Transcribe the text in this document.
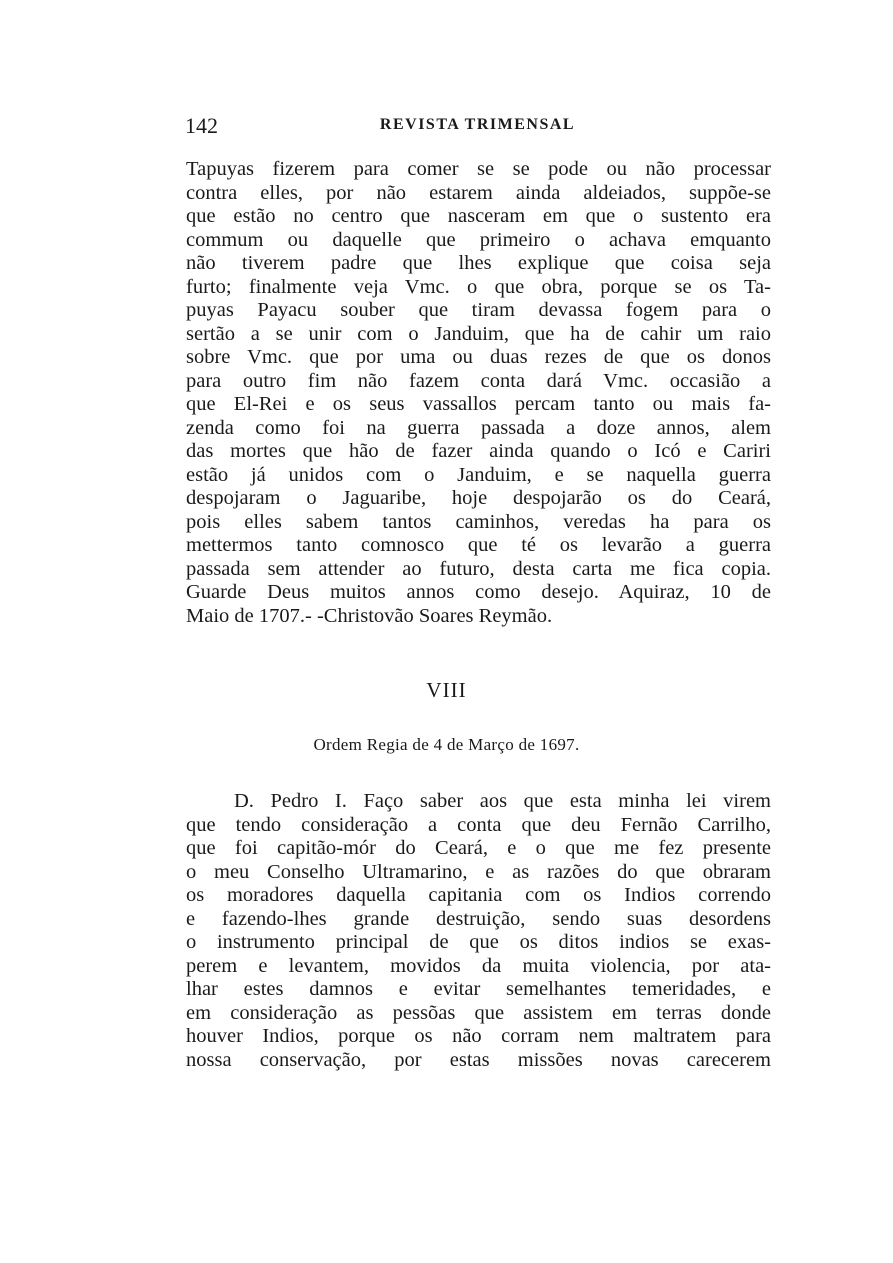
142	REVISTA TRIMENSAL
Tapuyas fizerem para comer se se pode ou não processar
contra elles, por não estarem ainda aldeiados, suppõe-se
que estão no centro que nasceram em que o sustento era
commum ou daquelle que primeiro o achava emquanto
não tiverem padre que lhes explique que coisa seja
furto; finalmente veja Vmc. o que obra, porque se os Ta-
puyas Payacu souber que tiram devassa fogem para o
sertão a se unir com o Janduim, que ha de cahir um raio
sobre Vmc. que por uma ou duas rezes de que os donos
para outro fim não fazem conta dará Vmc. occasião a
que El-Rei e os seus vassallos percam tanto ou mais fa-
zenda como foi na guerra passada a doze annos, alem
das mortes que hão de fazer ainda quando o Icó e Cariri
estão já unidos com o Janduim, e se naquella guerra
despojaram o Jaguaribe, hoje despojarão os do Ceará,
pois elles sabem tantos caminhos, veredas ha para os
mettermos tanto comnosco que té os levarão a guerra
passada sem attender ao futuro, desta carta me fica copia.
Guarde Deus muitos annos como desejo. Aquiraz, 10 de
Maio de 1707.- -Christovão Soares Reymão.
VIII
Ordem Regia de 4 de Março de 1697.
D. Pedro I. Faço saber aos que esta minha lei virem
que tendo consideração a conta que deu Fernão Carrilho,
que foi capitão-mór do Ceará, e o que me fez presente
o meu Conselho Ultramarino, e as razões do que obraram
os moradores daquella capitania com os Indios correndo
e fazendo-lhes grande destruição, sendo suas desordens
o instrumento principal de que os ditos indios se exas-
perem e levantem, movidos da muita violencia, por ata-
lhar estes damnos e evitar semelhantes temeridades, e
em consideração as pessõas que assistem em terras donde
houver Indios, porque os não corram nem maltratem para
nossa conservação, por estas missões novas carecerem
